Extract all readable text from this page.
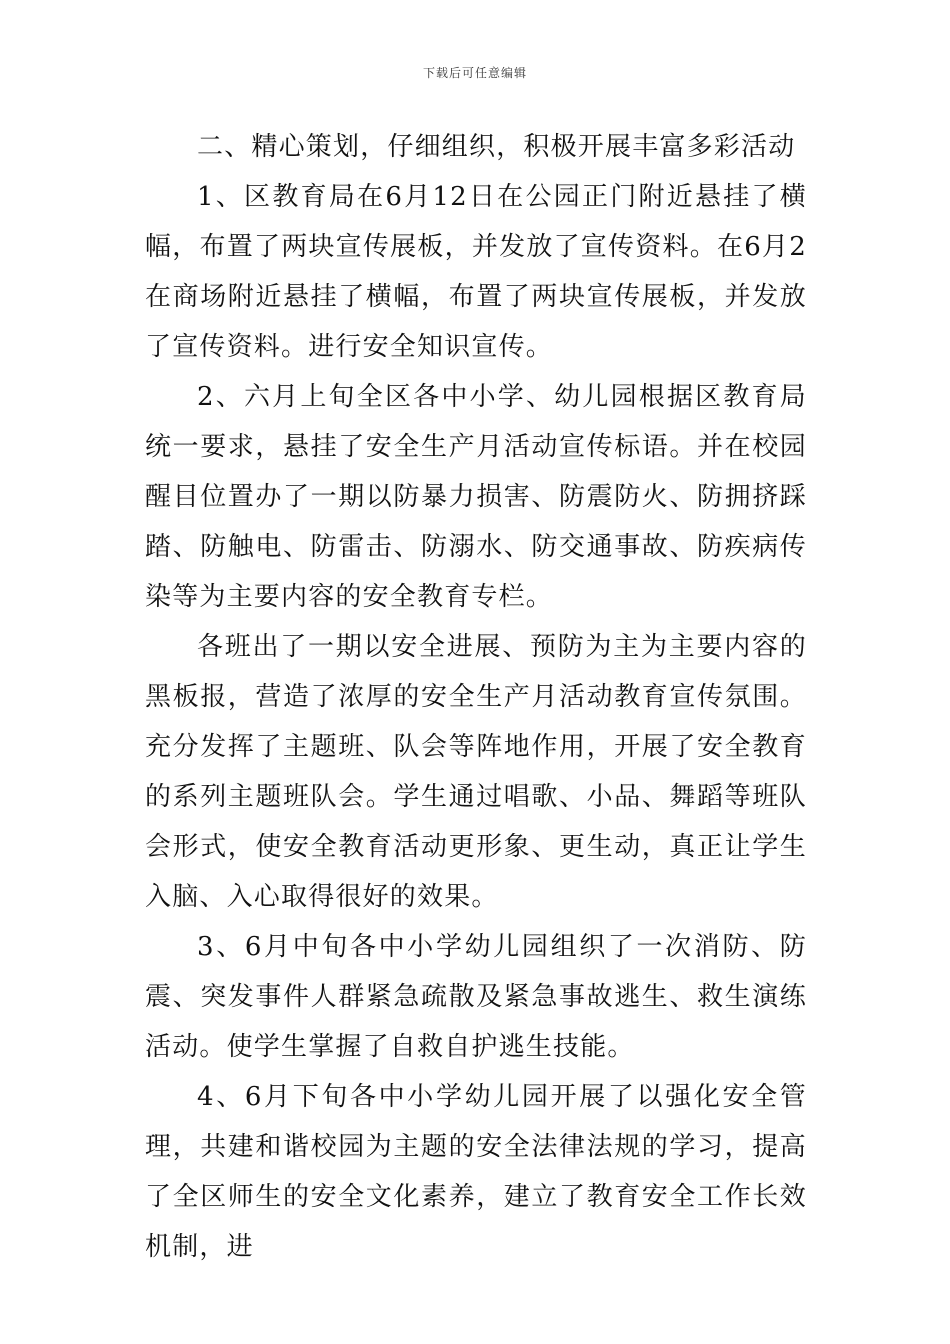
下载后可任意编辑

二、精心策划，仔细组织，积极开展丰富多彩活动

1、区教育局在6月12日在公园正门附近悬挂了横幅，布置了两块宣传展板，并发放了宣传资料。在6月2在商场附近悬挂了横幅，布置了两块宣传展板，并发放了宣传资料。进行安全知识宣传。

2、六月上旬全区各中小学、幼儿园根据区教育局统一要求，悬挂了安全生产月活动宣传标语。并在校园醒目位置办了一期以防暴力损害、防震防火、防拥挤踩踏、防触电、防雷击、防溺水、防交通事故、防疾病传染等为主要内容的安全教育专栏。

各班出了一期以安全进展、预防为主为主要内容的黑板报，营造了浓厚的安全生产月活动教育宣传氛围。充分发挥了主题班、队会等阵地作用，开展了安全教育的系列主题班队会。学生通过唱歌、小品、舞蹈等班队会形式，使安全教育活动更形象、更生动，真正让学生入脑、入心取得很好的效果。

3、6月中旬各中小学幼儿园组织了一次消防、防震、突发事件人群紧急疏散及紧急事故逃生、救生演练活动。使学生掌握了自救自护逃生技能。

4、6月下旬各中小学幼儿园开展了以强化安全管理，共建和谐校园为主题的安全法律法规的学习，提高了全区师生的安全文化素养，建立了教育安全工作长效机制，进
